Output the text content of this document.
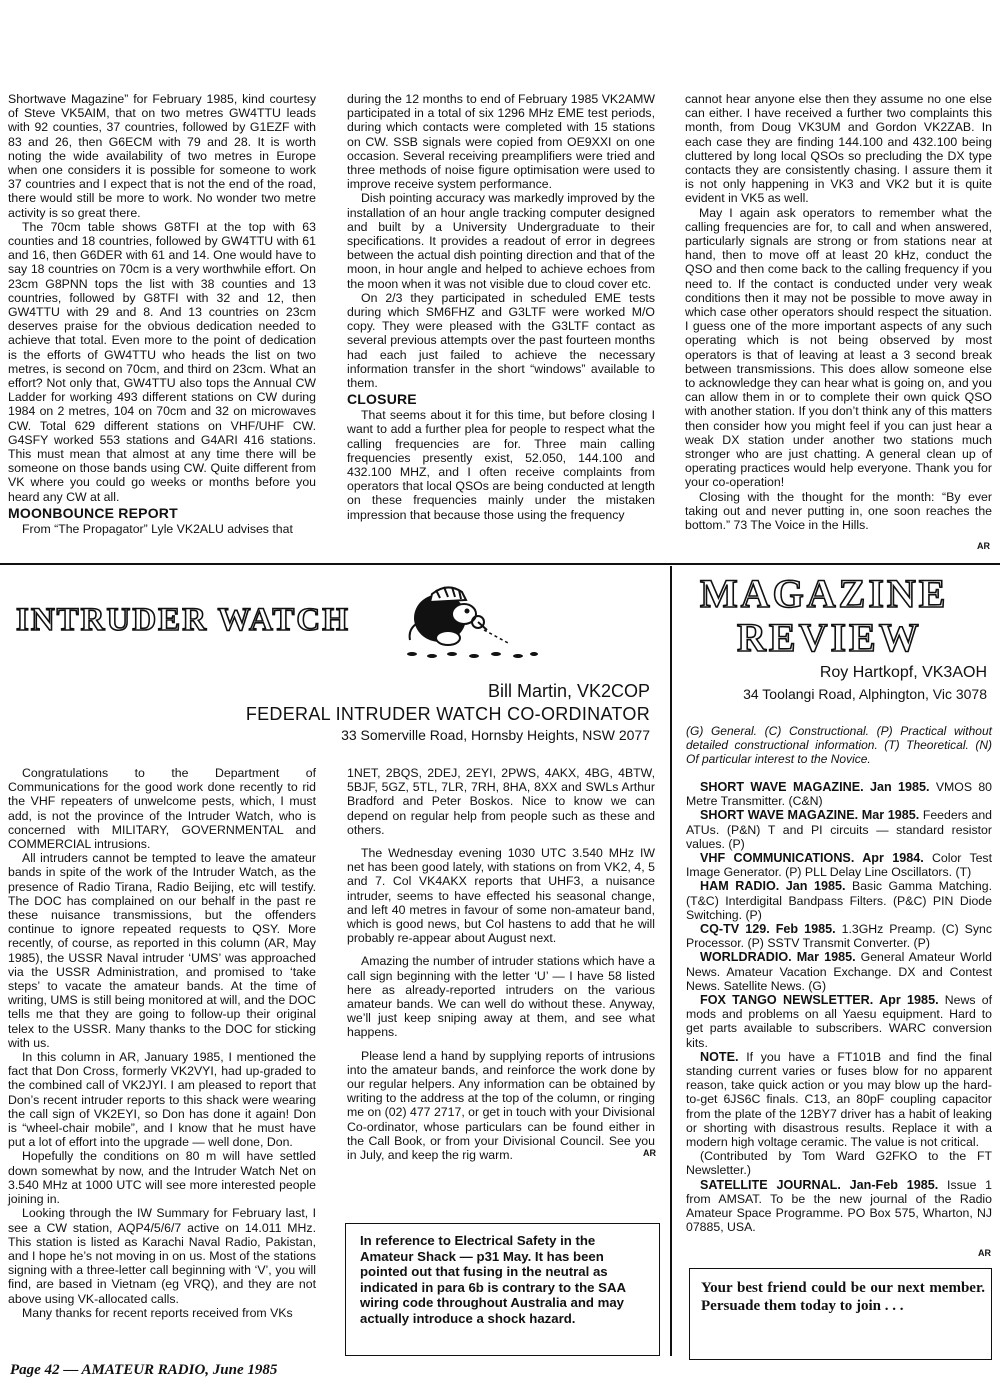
Shortwave Magazine” for February 1985, kind courtesy of Steve VK5AIM, that on two metres GW4TTU leads with 92 counties, 37 countries, followed by G1EZF with 83 and 26, then G6ECM with 79 and 28. It is worth noting the wide availability of two metres in Europe when one considers it is possible for someone to work 37 countries and I expect that is not the end of the road, there would still be more to work. No wonder two metre activity is so great there.

The 70cm table shows G8TFI at the top with 63 counties and 18 countries, followed by GW4TTU with 61 and 16, then G6DER with 61 and 14. One would have to say 18 countries on 70cm is a very worthwhile effort. On 23cm G8PNN tops the list with 38 counties and 13 countries, followed by G8TFI with 32 and 12, then GW4TTU with 29 and 8. And 13 countries on 23cm deserves praise for the obvious dedication needed to achieve that total. Even more to the point of dedication is the efforts of GW4TTU who heads the list on two metres, is second on 70cm, and third on 23cm. What an effort? Not only that, GW4TTU also tops the Annual CW Ladder for working 493 different stations on CW during 1984 on 2 metres, 104 on 70cm and 32 on microwaves CW. Total 629 different stations on VHF/UHF CW. G4SFY worked 553 stations and G4ARI 416 stations. This must mean that almost at any time there will be someone on those bands using CW. Quite different from VK where you could go weeks or months before you heard any CW at all.

MOONBOUNCE REPORT

From “The Propagator” Lyle VK2ALU advises that

during the 12 months to end of February 1985 VK2AMW participated in a total of six 1296 MHz EME test periods, during which contacts were completed with 15 stations on CW. SSB signals were copied from OE9XXI on one occasion. Several receiving preamplifiers were tried and three methods of noise figure optimisation were used to improve receive system performance.

Dish pointing accuracy was markedly improved by the installation of an hour angle tracking computer designed and built by a University Undergraduate to their specifications. It provides a readout of error in degrees between the actual dish pointing direction and that of the moon, in hour angle and helped to achieve echoes from the moon when it was not visible due to cloud cover etc.

On 2/3 they participated in scheduled EME tests during which SM6FHZ and G3LTF were worked M/O copy. They were pleased with the G3LTF contact as several previous attempts over the past fourteen months had each just failed to achieve the necessary information transfer in the short “windows” available to them.

CLOSURE

That seems about it for this time, but before closing I want to add a further plea for people to respect what the calling frequencies are for. Three main calling frequencies presently exist, 52.050, 144.100 and 432.100 MHZ, and I often receive complaints from operators that local QSOs are being conducted at length on these frequencies mainly under the mistaken impression that because those using the frequency

cannot hear anyone else then they assume no one else can either. I have received a further two complaints this month, from Doug VK3UM and Gordon VK2ZAB. In each case they are finding 144.100 and 432.100 being cluttered by long local QSOs so precluding the DX type contacts they are consistently chasing. I assure them it is not only happening in VK3 and VK2 but it is quite evident in VK5 as well.

May I again ask operators to remember what the calling frequencies are for, to call and when answered, particularly signals are strong or from stations near at hand, then to move off at least 20 kHz, conduct the QSO and then come back to the calling frequency if you need to. If the contact is conducted under very weak conditions then it may not be possible to move away in which case other operators should respect the situation. I guess one of the more important aspects of any such operating which is not being observed by most operators is that of leaving at least a 3 second break between transmissions. This does allow someone else to acknowledge they can hear what is going on, and you can allow them in or to complete their own quick QSO with another station. If you don’t think any of this matters then consider how you might feel if you can just hear a weak DX station under another two stations much stronger who are just chatting. A general clean up of operating practices would help everyone. Thank you for your co-operation!

Closing with the thought for the month: “By ever taking out and never putting in, one soon reaches the bottom.” 73 The Voice in the Hills.

AR
INTRUDER WATCH
Bill Martin, VK2COP
FEDERAL INTRUDER WATCH CO-ORDINATOR
33 Somerville Road, Hornsby Heights, NSW 2077

Congratulations to the Department of Communications for the good work done recently to rid the VHF repeaters of unwelcome pests, which, I must add, is not the province of the Intruder Watch, who is concerned with MILITARY, GOVERNMENTAL and COMMERCIAL intrusions.

All intruders cannot be tempted to leave the amateur bands in spite of the work of the Intruder Watch, as the presence of Radio Tirana, Radio Beijing, etc will testify. The DOC has complained on our behalf in the past re these nuisance transmissions, but the offenders continue to ignore repeated requests to QSY. More recently, of course, as reported in this column (AR, May 1985), the USSR Naval intruder ‘UMS’ was approached via the USSR Administration, and promised to ‘take steps’ to vacate the amateur bands. At the time of writing, UMS is still being monitored at will, and the DOC tells me that they are going to follow-up their original telex to the USSR. Many thanks to the DOC for sticking with us.

In this column in AR, January 1985, I mentioned the fact that Don Cross, formerly VK2VYI, had up-graded to the combined call of VK2JYI. I am pleased to report that Don’s recent intruder reports to this shack were wearing the call sign of VK2EYI, so Don has done it again! Don is “wheel-chair mobile”, and I know that he must have put a lot of effort into the upgrade — well done, Don.

Hopefully the conditions on 80 m will have settled down somewhat by now, and the Intruder Watch Net on 3.540 MHz at 1000 UTC will see more interested people joining in.

Looking through the IW Summary for February last, I see a CW station, AQP4/5/6/7 active on 14.011 MHz. This station is listed as Karachi Naval Radio, Pakistan, and I hope he’s not moving in on us. Most of the stations signing with a three-letter call beginning with ‘V’, you will find, are based in Vietnam (eg VRQ), and they are not above using VK-allocated calls.

Many thanks for recent reports received from VKs

1NET, 2BQS, 2DEJ, 2EYI, 2PWS, 4AKX, 4BG, 4BTW, 5BJF, 5GZ, 5TL, 7LR, 7RH, 8HA, 8XX and SWLs Arthur Bradford and Peter Boskos. Nice to know we can depend on regular help from people such as these and others.

The Wednesday evening 1030 UTC 3.540 MHz IW net has been good lately, with stations on from VK2, 4, 5 and 7. Col VK4AKX reports that UHF3, a nuisance intruder, seems to have effected his seasonal change, and left 40 metres in favour of some non-amateur band, which is good news, but Col hastens to add that he will probably re-appear about August next.

Amazing the number of intruder stations which have a call sign beginning with the letter ‘U’ — I have 58 listed here as already-reported intruders on the various amateur bands. We can well do without these. Anyway, we’ll just keep sniping away at them, and see what happens.

Please lend a hand by supplying reports of intrusions into the amateur bands, and reinforce the work done by our regular helpers. Any information can be obtained by writing to the address at the top of the column, or ringing me on (02) 477 2717, or get in touch with your Divisional Co-ordinator, whose particulars can be found either in the Call Book, or from your Divisional Council. See you in July, and keep the rig warm.	AR
In reference to Electrical Safety in the Amateur Shack — p31 May. It has been pointed out that fusing in the neutral as indicated in para 6b is contrary to the SAA wiring code throughout Australia and may actually introduce a shock hazard.
MAGAZINE
REVIEW
Roy Hartkopf, VK3AOH
34 Toolangi Road, Alphington, Vic 3078
(G) General. (C) Constructional. (P) Practical without detailed constructional information. (T) Theoretical. (N) Of particular interest to the Novice.

SHORT WAVE MAGAZINE. Jan 1985. VMOS 80 Metre Transmitter. (C&N)

SHORT WAVE MAGAZINE. Mar 1985. Feeders and ATUs. (P&N) T and PI circuits — standard resistor values. (P)

VHF COMMUNICATIONS. Apr 1984. Color Test Image Generator. (P) PLL Delay Line Oscillators. (T)

HAM RADIO. Jan 1985. Basic Gamma Matching. (T&C) Interdigital Bandpass Filters. (P&C) PIN Diode Switching. (P)

CQ-TV 129. Feb 1985. 1.3GHz Preamp. (C) Sync Processor. (P) SSTV Transmit Converter. (P)

WORLDRADIO. Mar 1985. General Amateur World News. Amateur Vacation Exchange. DX and Contest News. Satellite News. (G)

FOX TANGO NEWSLETTER. Apr 1985. News of mods and problems on all Yaesu equipment. Hard to get parts available to subscribers. WARC conversion kits.

NOTE. If you have a FT101B and find the final standing current varies or fuses blow for no apparent reason, take quick action or you may blow up the hard-to-get 6JS6C finals. C13, an 80pF coupling capacitor from the plate of the 12BY7 driver has a habit of leaking or shorting with disastrous results. Replace it with a modern high voltage ceramic. The value is not critical.

(Contributed by Tom Ward G2FKO to the FT Newsletter.)

SATELLITE JOURNAL. Jan-Feb 1985. Issue 1 from AMSAT. To be the new journal of the Radio Amateur Space Programme. PO Box 575, Wharton, NJ 07885, USA.

AR
Your best friend could be our next member. Persuade them today to join . . .
Page 42 — AMATEUR RADIO, June 1985
